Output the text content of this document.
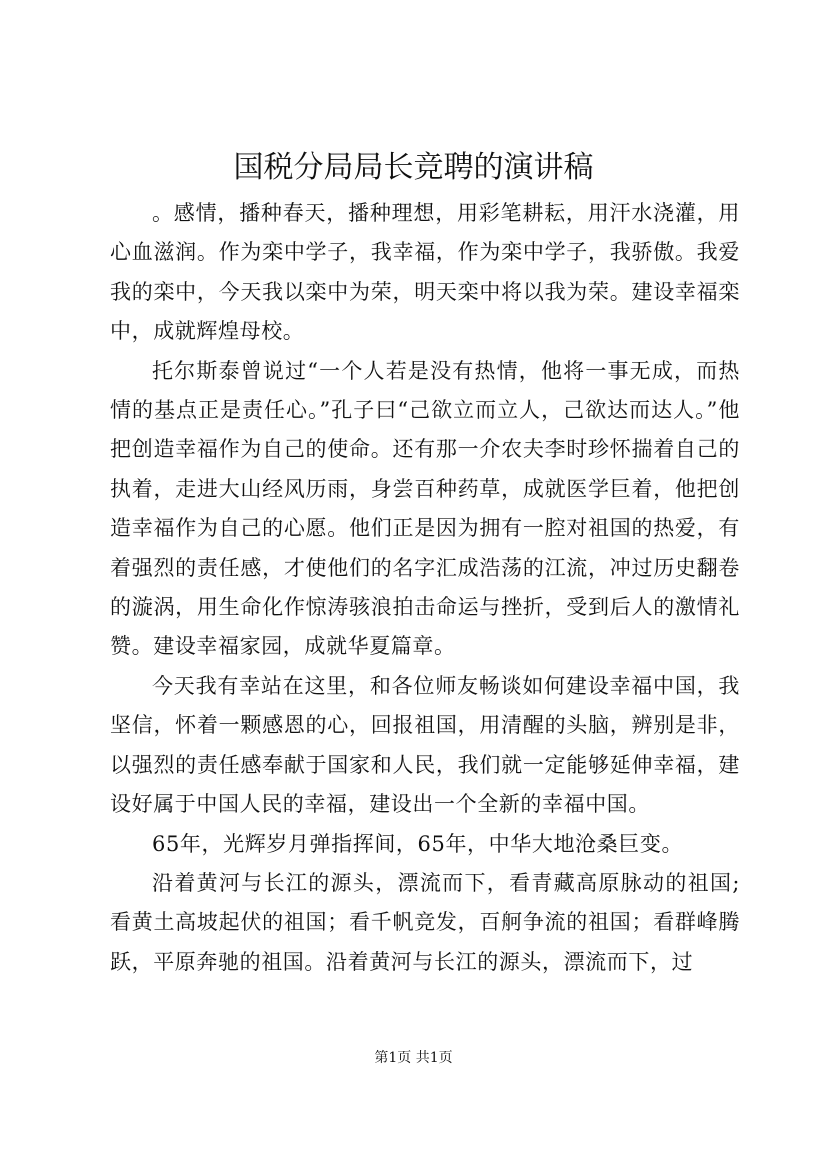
国税分局局长竞聘的演讲稿

。感情，播种春天，播种理想，用彩笔耕耘，用汗水浇灌，用心血滋润。作为栾中学子，我幸福，作为栾中学子，我骄傲。我爱我的栾中，今天我以栾中为荣，明天栾中将以我为荣。建设幸福栾中，成就辉煌母校。

托尔斯泰曾说过“一个人若是没有热情，他将一事无成，而热情的基点正是责任心。”孔子曰“己欲立而立人，己欲达而达人。”他把创造幸福作为自己的使命。还有那一介农夫李时珍怀揣着自己的执着，走进大山经风历雨，身尝百种药草，成就医学巨着，他把创造幸福作为自己的心愿。他们正是因为拥有一腔对祖国的热爱，有着强烈的责任感，才使他们的名字汇成浩荡的江流，冲过历史翻卷的漩涡，用生命化作惊涛骇浪拍击命运与挫折，受到后人的激情礼赞。建设幸福家园，成就华夏篇章。

今天我有幸站在这里，和各位师友畅谈如何建设幸福中国，我坚信，怀着一颗感恩的心，回报祖国，用清醒的头脑，辨别是非，以强烈的责任感奉献于国家和人民，我们就一定能够延伸幸福，建设好属于中国人民的幸福，建设出一个全新的幸福中国。

65年，光辉岁月弹指挥间，65年，中华大地沧桑巨变。

沿着黄河与长江的源头，漂流而下，看青藏高原脉动的祖国;看黄土高坡起伏的祖国；看千帆竞发，百舸争流的祖国；看群峰腾跃，平原奔驰的祖国。沿着黄河与长江的源头，漂流而下，过

第1页 共1页
